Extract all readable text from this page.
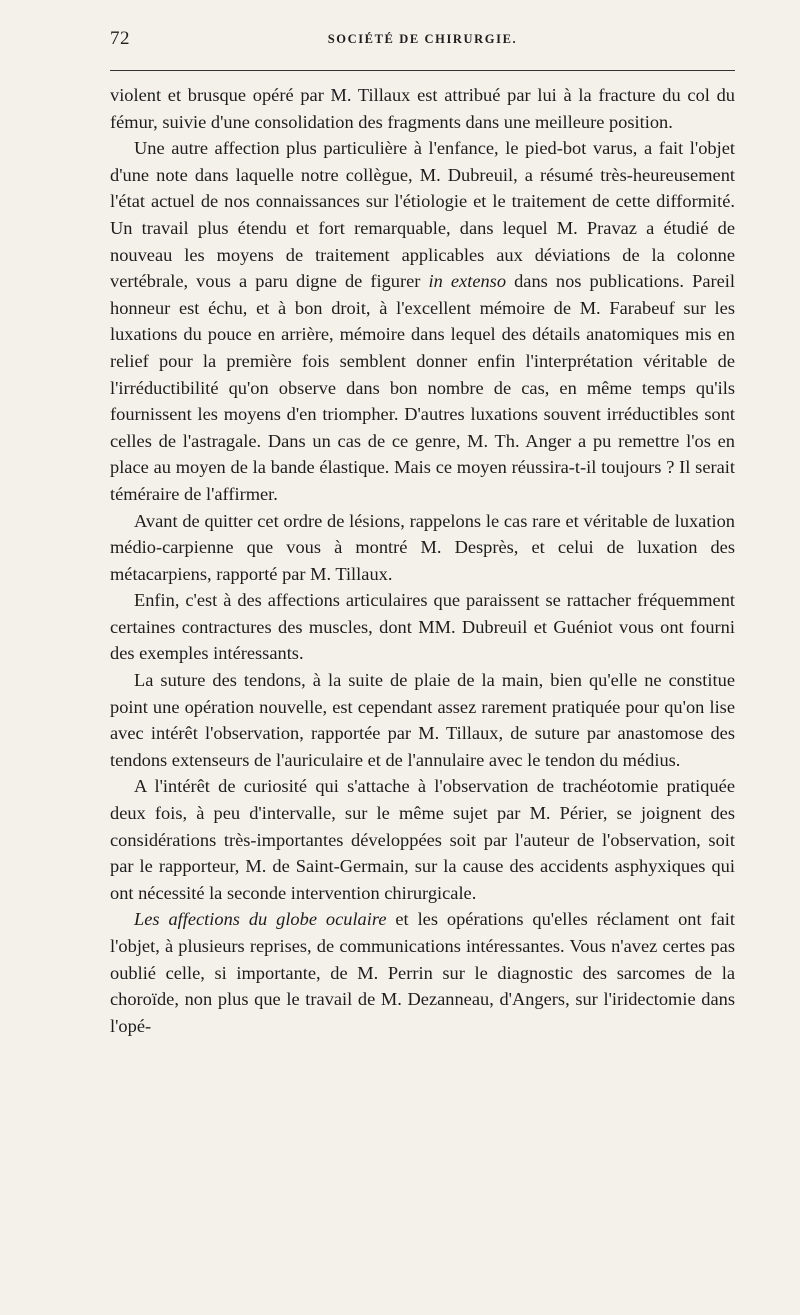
72	SOCIÉTÉ DE CHIRURGIE.

violent et brusque opéré par M. Tillaux est attribué par lui à la fracture du col du fémur, suivie d'une consolidation des fragments dans une meilleure position.

Une autre affection plus particulière à l'enfance, le pied-bot varus, a fait l'objet d'une note dans laquelle notre collègue, M. Dubreuil, a résumé très-heureusement l'état actuel de nos connaissances sur l'étiologie et le traitement de cette difformité. Un travail plus étendu et fort remarquable, dans lequel M. Pravaz a étudié de nouveau les moyens de traitement applicables aux déviations de la colonne vertébrale, vous a paru digne de figurer in extenso dans nos publications. Pareil honneur est échu, et à bon droit, à l'excellent mémoire de M. Farabeuf sur les luxations du pouce en arrière, mémoire dans lequel des détails anatomiques mis en relief pour la première fois semblent donner enfin l'interprétation véritable de l'irréductibilité qu'on observe dans bon nombre de cas, en même temps qu'ils fournissent les moyens d'en triompher. D'autres luxations souvent irréductibles sont celles de l'astragale. Dans un cas de ce genre, M. Th. Anger a pu remettre l'os en place au moyen de la bande élastique. Mais ce moyen réussira-t-il toujours ? Il serait téméraire de l'affirmer.

Avant de quitter cet ordre de lésions, rappelons le cas rare et véritable de luxation médio-carpienne que vous à montré M. Desprès, et celui de luxation des métacarpiens, rapporté par M. Tillaux.

Enfin, c'est à des affections articulaires que paraissent se rattacher fréquemment certaines contractures des muscles, dont MM. Dubreuil et Guéniot vous ont fourni des exemples intéressants.

La suture des tendons, à la suite de plaie de la main, bien qu'elle ne constitue point une opération nouvelle, est cependant assez rarement pratiquée pour qu'on lise avec intérêt l'observation, rapportée par M. Tillaux, de suture par anastomose des tendons extenseurs de l'auriculaire et de l'annulaire avec le tendon du médius.

A l'intérêt de curiosité qui s'attache à l'observation de trachéotomie pratiquée deux fois, à peu d'intervalle, sur le même sujet par M. Périer, se joignent des considérations très-importantes développées soit par l'auteur de l'observation, soit par le rapporteur, M. de Saint-Germain, sur la cause des accidents asphyxiques qui ont nécessité la seconde intervention chirurgicale.

Les affections du globe oculaire et les opérations qu'elles réclament ont fait l'objet, à plusieurs reprises, de communications intéressantes. Vous n'avez certes pas oublié celle, si importante, de M. Perrin sur le diagnostic des sarcomes de la choroïde, non plus que le travail de M. Dezanneau, d'Angers, sur l'iridectomie dans l'opé-
